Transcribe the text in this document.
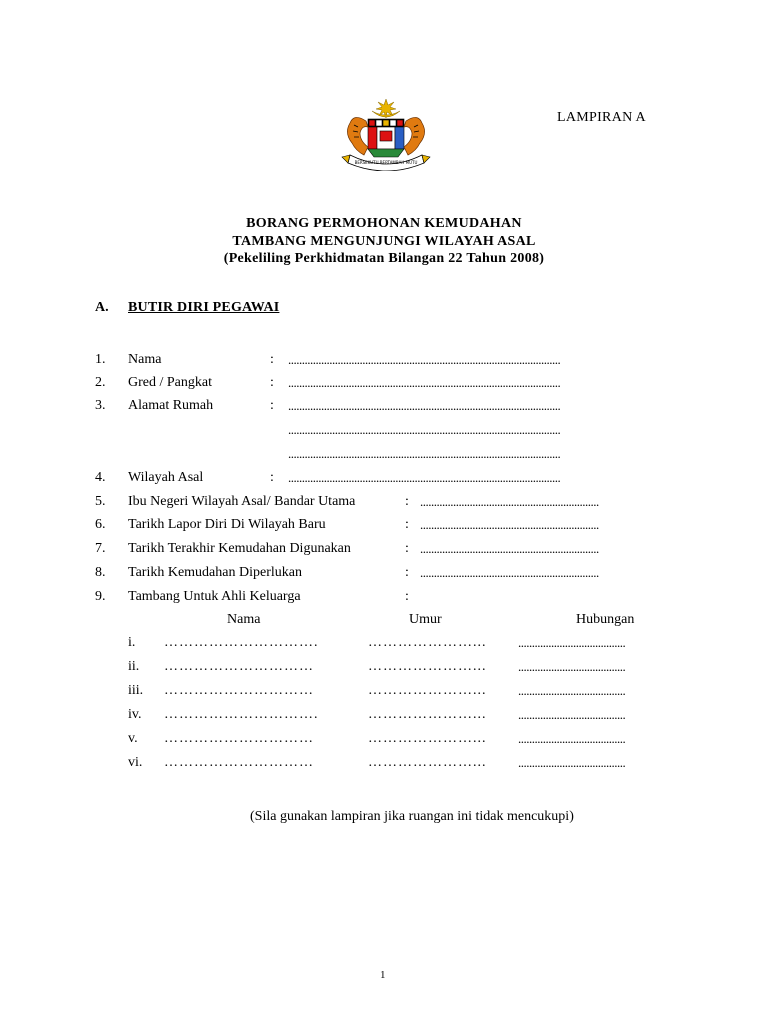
BERSEKUTU BERTAMBAH MUTU
LAMPIRAN A
BORANG PERMOHONAN KEMUDAHAN
TAMBANG MENGUNJUNGI WILAYAH ASAL
(Pekeliling Perkhidmatan Bilangan 22 Tahun 2008)
A. BUTIR DIRI PEGAWAI
1. Nama	: ...................................................................................................
2. Gred / Pangkat	: ...................................................................................................
3. Alamat Rumah	: ...................................................................................................
...................................................................................................
...................................................................................................
4. Wilayah Asal	: ...................................................................................................
5. Ibu Negeri Wilayah Asal/ Bandar Utama	: .................................................................
6. Tarikh Lapor Diri Di Wilayah Baru	: .................................................................
7. Tarikh Terakhir Kemudahan Digunakan	: .................................................................
8. Tarikh Kemudahan Diperlukan	: .................................................................
9. Tambang Untuk Ahli Keluarga	:
Nama	Umur	Hubungan
i. ………………………….	…………………... .......................................
ii. …………………………	…………………... .......................................
iii. …………………………	…………………... .......................................
iv. ………………………….	…………………... .......................................
v. …………………………	…………………... .......................................
vi. …………………………	…………………... .......................................
(Sila gunakan lampiran jika ruangan ini tidak mencukupi)
1
